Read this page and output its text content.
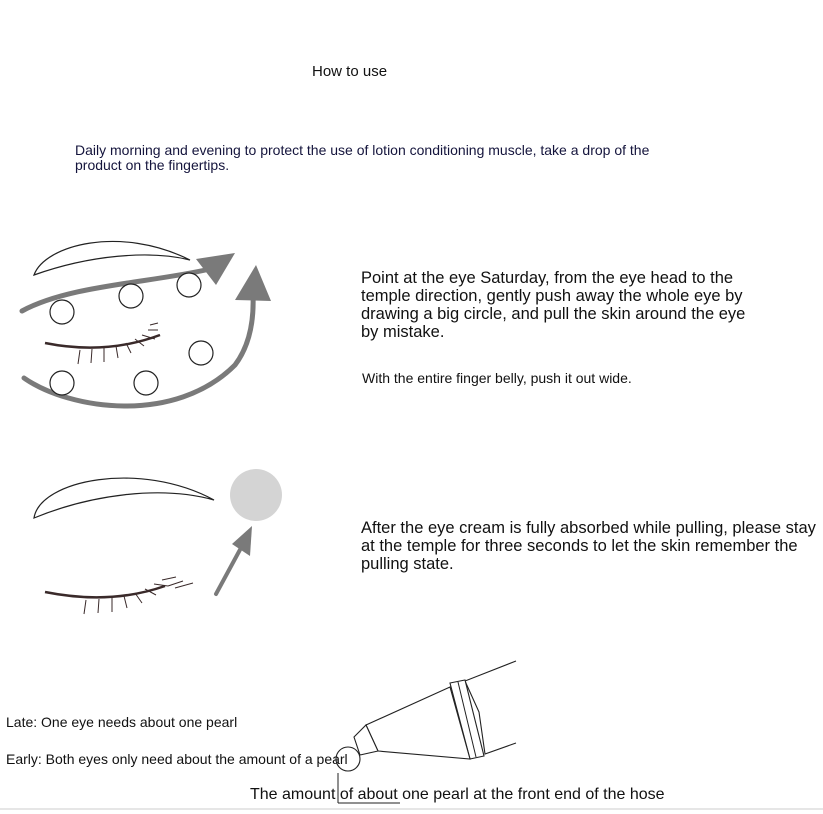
How to use
Daily morning and evening to protect the use of lotion conditioning muscle, take a drop of the product on the fingertips.
Point at the eye Saturday, from the eye head to the temple direction, gently push away the whole eye by drawing a big circle, and pull the skin around the eye by mistake.
With the entire finger belly, push it out wide.
After the eye cream is fully absorbed while pulling, please stay at the temple for three seconds to let the skin remember the pulling state.
Late: One eye needs about one pearl
Early: Both eyes only need about the amount of a pearl
The amount of about one pearl at the front end of the hose
